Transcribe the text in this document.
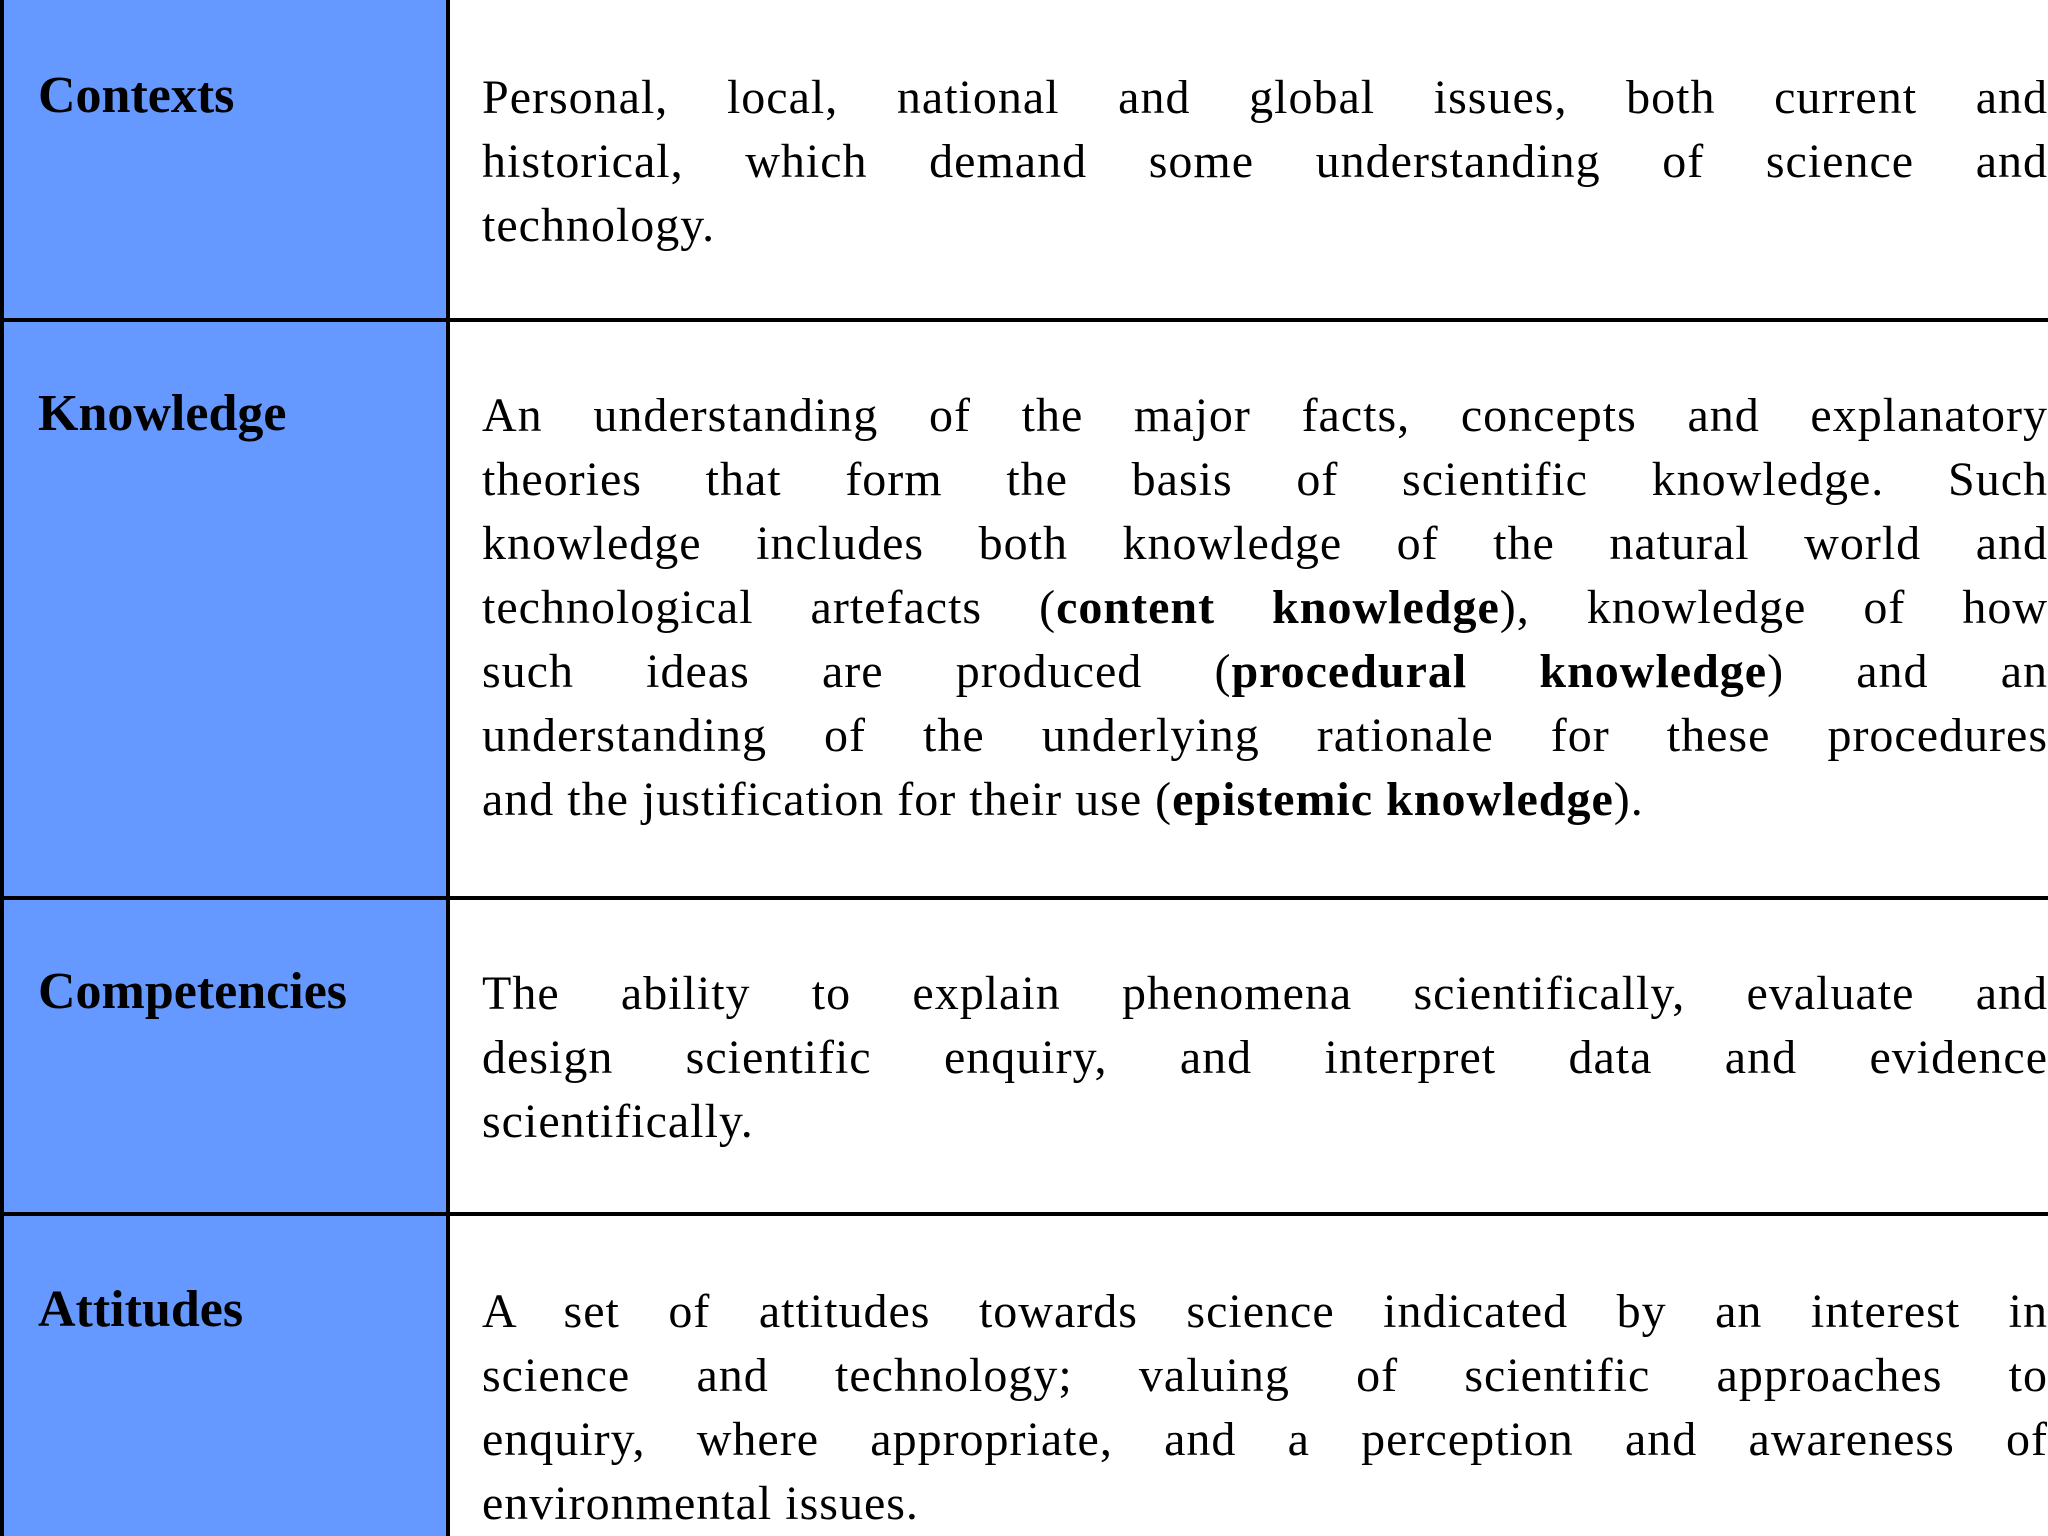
Contexts	Personal, local, national and global issues, both current and
historical, which demand some understanding of science and
technology.
Knowledge	An understanding of the major facts, concepts and explanatory
theories that form the basis of scientific knowledge. Such
knowledge includes both knowledge of the natural world and
technological artefacts (content knowledge), knowledge of how
such ideas are produced (procedural knowledge) and an
understanding of the underlying rationale for these procedures
and the justification for their use (epistemic knowledge).
Competencies	The ability to explain phenomena scientifically, evaluate and
design scientific enquiry, and interpret data and evidence
scientifically.
Attitudes	A set of attitudes towards science indicated by an interest in
science and technology; valuing of scientific approaches to
enquiry, where appropriate, and a perception and awareness of
environmental issues.
